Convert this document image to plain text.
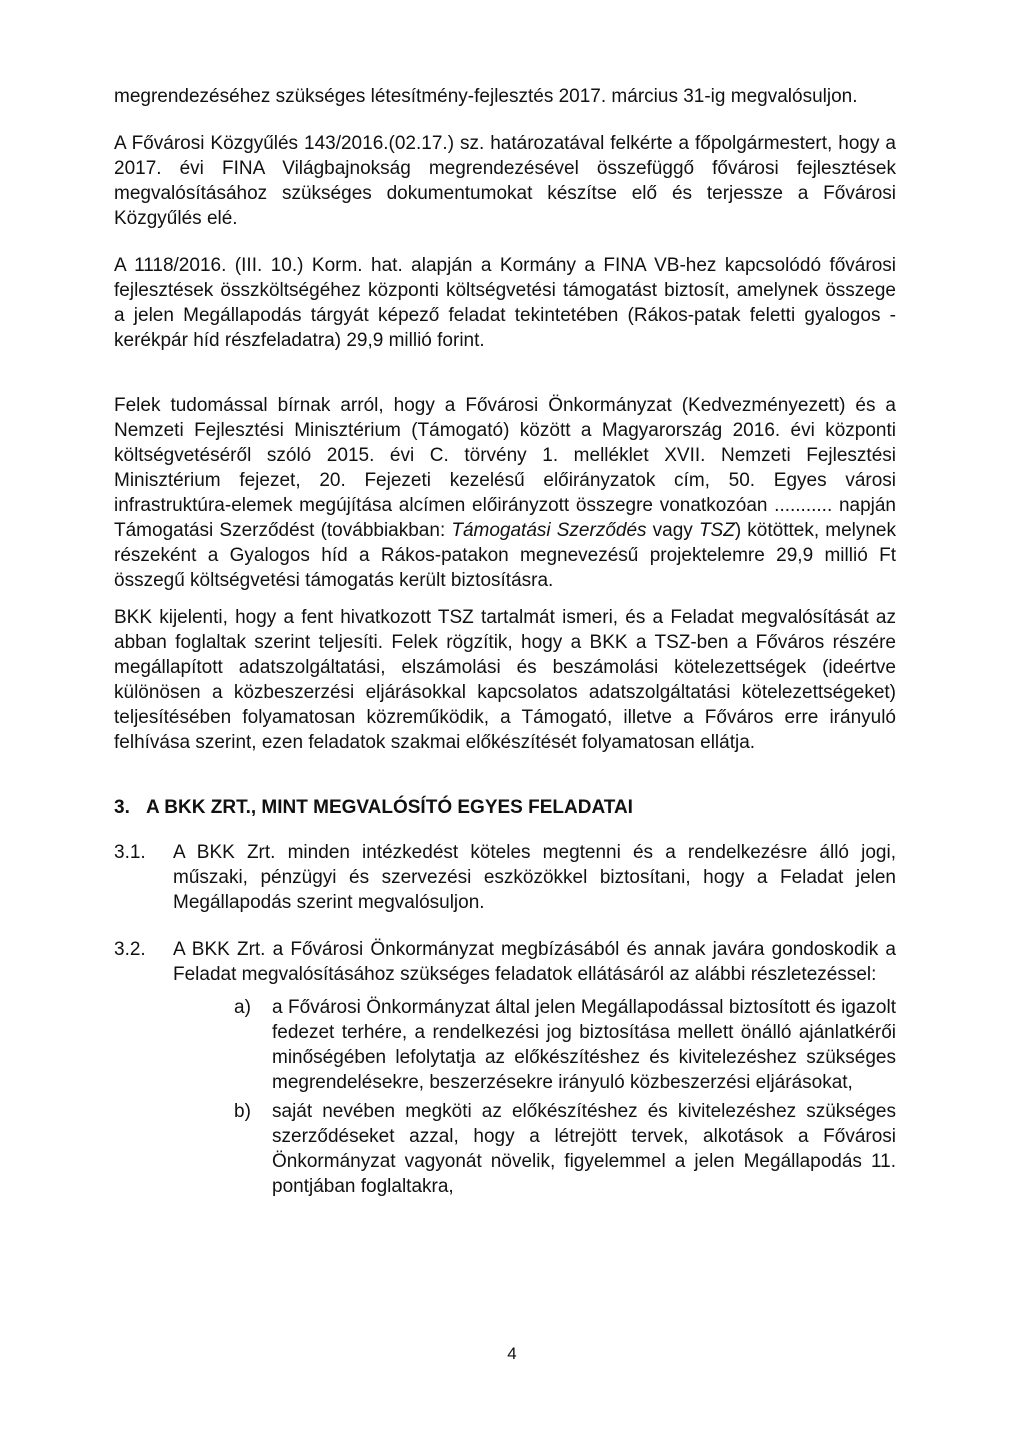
megrendezéséhez szükséges létesítmény-fejlesztés 2017. március 31-ig megvalósuljon.

A Fővárosi Közgyűlés 143/2016.(02.17.) sz. határozatával felkérte a főpolgármestert, hogy a 2017. évi FINA Világbajnokság megrendezésével összefüggő fővárosi fejlesztések megvalósításához szükséges dokumentumokat készítse elő és terjessze a Fővárosi Közgyűlés elé.

A 1118/2016. (III. 10.) Korm. hat. alapján a Kormány a FINA VB-hez kapcsolódó fővárosi fejlesztések összköltségéhez központi költségvetési támogatást biztosít, amelynek összege a jelen Megállapodás tárgyát képező feladat tekintetében (Rákos-patak feletti gyalogos - kerékpár híd részfeladatra) 29,9 millió forint.

Felek tudomással bírnak arról, hogy a Fővárosi Önkormányzat (Kedvezményezett) és a Nemzeti Fejlesztési Minisztérium (Támogató) között a Magyarország 2016. évi központi költségvetéséről szóló 2015. évi C. törvény 1. melléklet XVII. Nemzeti Fejlesztési Minisztérium fejezet, 20. Fejezeti kezelésű előirányzatok cím, 50. Egyes városi infrastruktúra-elemek megújítása alcímen előirányzott összegre vonatkozóan ........... napján Támogatási Szerződést (továbbiakban: Támogatási Szerződés vagy TSZ) kötöttek, melynek részeként a Gyalogos híd a Rákos-patakon megnevezésű projektelemre 29,9 millió Ft összegű költségvetési támogatás került biztosításra.

BKK kijelenti, hogy a fent hivatkozott TSZ tartalmát ismeri, és a Feladat megvalósítását az abban foglaltak szerint teljesíti. Felek rögzítik, hogy a BKK a TSZ-ben a Főváros részére megállapított adatszolgáltatási, elszámolási és beszámolási kötelezettségek (ideértve különösen a közbeszerzési eljárásokkal kapcsolatos adatszolgáltatási kötelezettségeket) teljesítésében folyamatosan közreműködik, a Támogató, illetve a Főváros erre irányuló felhívása szerint, ezen feladatok szakmai előkészítését folyamatosan ellátja.

3. A BKK ZRT., MINT MEGVALÓSÍTÓ EGYES FELADATAI
3.1.	A BKK Zrt. minden intézkedést köteles megtenni és a rendelkezésre álló jogi, műszaki, pénzügyi és szervezési eszközökkel biztosítani, hogy a Feladat jelen Megállapodás szerint megvalósuljon.
3.2.	A BKK Zrt. a Fővárosi Önkormányzat megbízásából és annak javára gondoskodik a Feladat megvalósításához szükséges feladatok ellátásáról az alábbi részletezéssel:
a)	a Fővárosi Önkormányzat által jelen Megállapodással biztosított és igazolt fedezet terhére, a rendelkezési jog biztosítása mellett önálló ajánlatkérői minőségében lefolytatja az előkészítéshez és kivitelezéshez szükséges megrendelésekre, beszerzésekre irányuló közbeszerzési eljárásokat,
b)	saját nevében megköti az előkészítéshez és kivitelezéshez szükséges szerződéseket azzal, hogy a létrejött tervek, alkotások a Fővárosi Önkormányzat vagyonát növelik, figyelemmel a jelen Megállapodás 11. pontjában foglaltakra,
4
